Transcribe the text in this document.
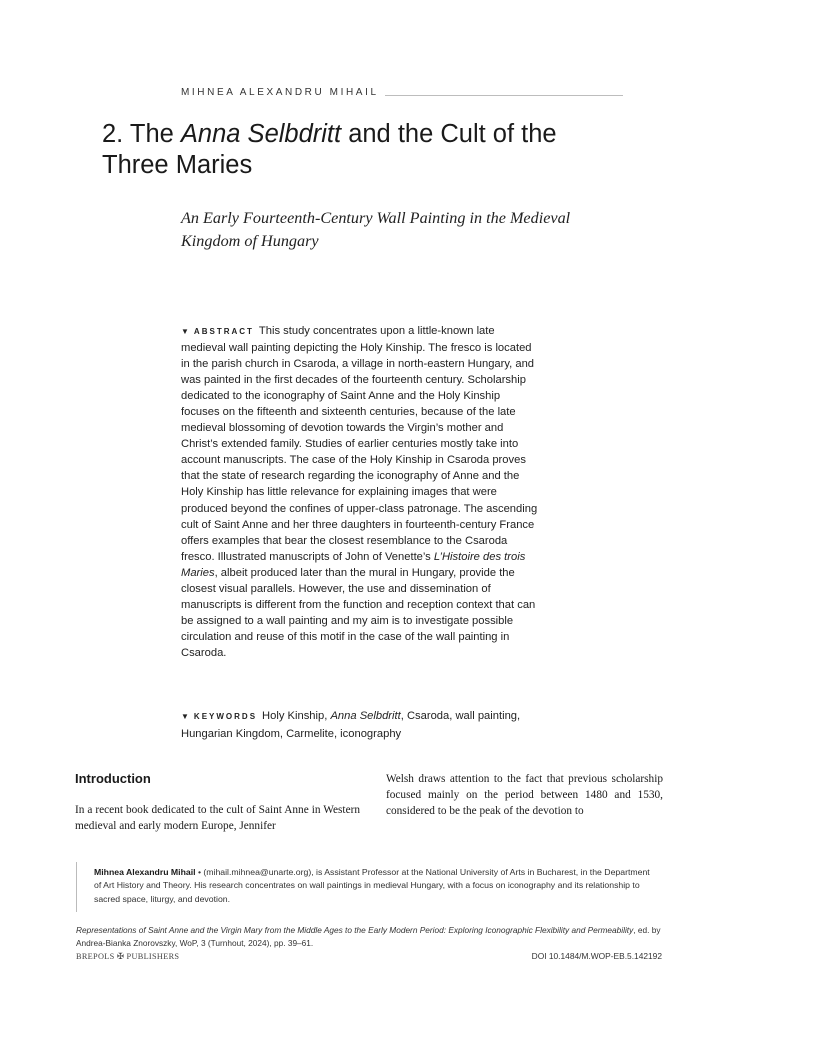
MIHNEA ALEXANDRU MIHAIL
2. The Anna Selbdritt and the Cult of the Three Maries
An Early Fourteenth-Century Wall Painting in the Medieval Kingdom of Hungary
▼ ABSTRACT This study concentrates upon a little-known late medieval wall painting depicting the Holy Kinship. The fresco is located in the parish church in Csaroda, a village in north-eastern Hungary, and was painted in the first decades of the fourteenth century. Scholarship dedicated to the iconography of Saint Anne and the Holy Kinship focuses on the fifteenth and sixteenth centuries, because of the late medieval blossoming of devotion towards the Virgin’s mother and Christ’s extended family. Studies of earlier centuries mostly take into account manuscripts. The case of the Holy Kinship in Csaroda proves that the state of research regarding the iconography of Anne and the Holy Kinship has little relevance for explaining images that were produced beyond the confines of upper-class patronage. The ascending cult of Saint Anne and her three daughters in fourteenth-century France offers examples that bear the closest resemblance to the Csaroda fresco. Illustrated manuscripts of John of Venette’s L’Histoire des trois Maries, albeit produced later than the mural in Hungary, provide the closest visual parallels. However, the use and dissemination of manuscripts is different from the function and reception context that can be assigned to a wall painting and my aim is to investigate possible circulation and reuse of this motif in the case of the wall painting in Csaroda.
▼ KEYWORDS Holy Kinship, Anna Selbdritt, Csaroda, wall painting, Hungarian Kingdom, Carmelite, iconography
Introduction
In a recent book dedicated to the cult of Saint Anne in Western medieval and early modern Europe, Jennifer
Welsh draws attention to the fact that previous scholarship focused mainly on the period between 1480 and 1530, considered to be the peak of the devotion to
Mihnea Alexandru Mihail • (mihail.mihnea@unarte.org), is Assistant Professor at the National University of Arts in Bucharest, in the Department of Art History and Theory. His research concentrates on wall paintings in medieval Hungary, with a focus on iconography and its relationship to sacred space, liturgy, and devotion.
Representations of Saint Anne and the Virgin Mary from the Middle Ages to the Early Modern Period: Exploring Iconographic Flexibility and Permeability, ed. by Andrea-Bianka Znorovszky, WoP, 3 (Turnhout, 2024), pp. 39–61.
BREPOLS ✠ PUBLISHERS	DOI 10.1484/M.WOP-EB.5.142192
